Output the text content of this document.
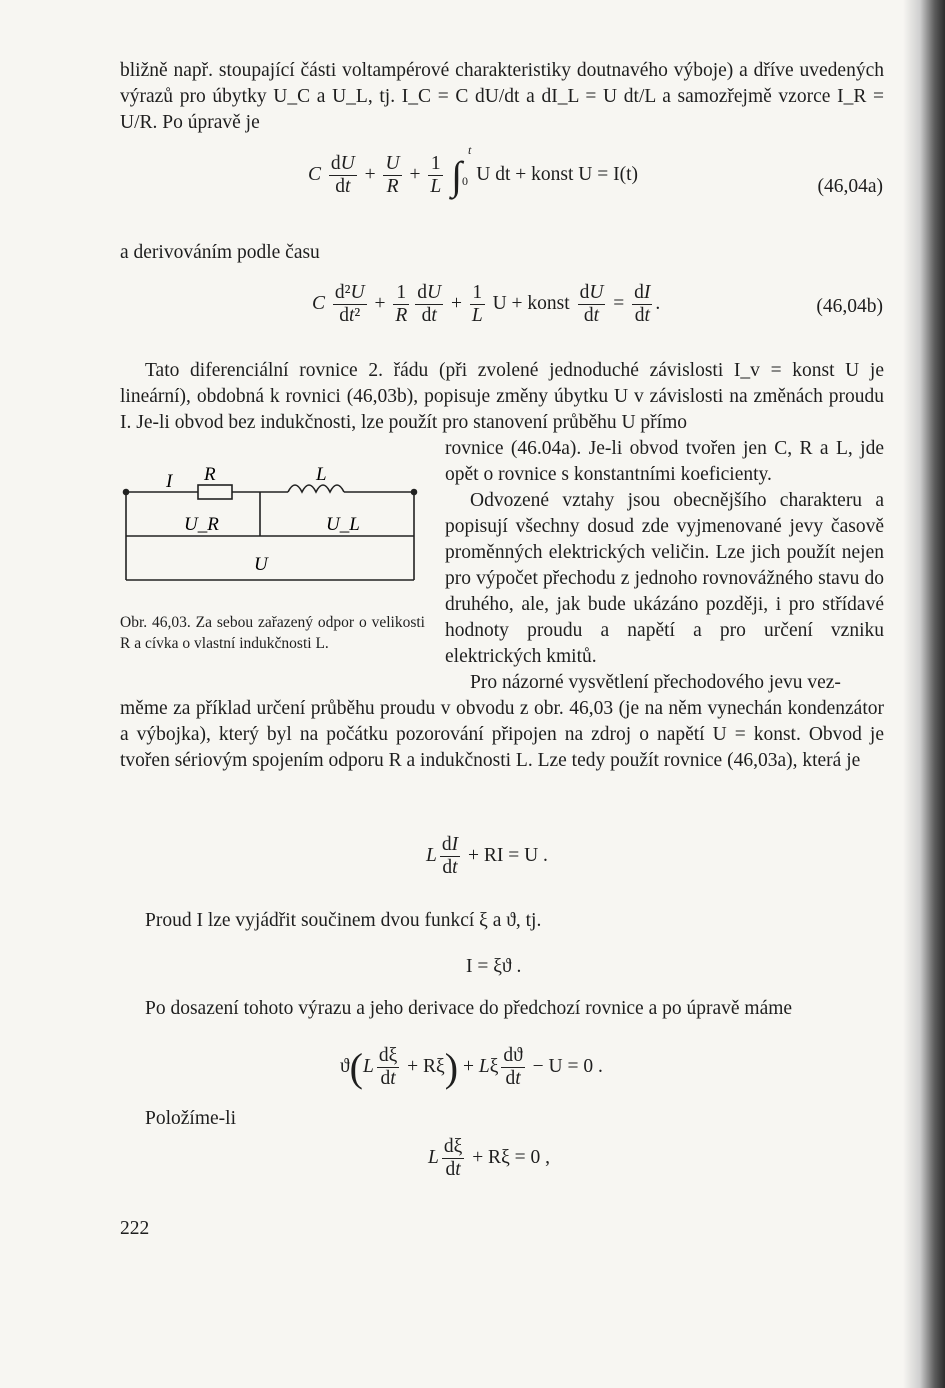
bližně např. stoupající části voltampérové charakteristiky doutnavého výboje) a dříve uvedených výrazů pro úbytky U_C a U_L, tj. I_C = C dU/dt a dI_L = U dt/L a samozřejmě vzorce I_R = U/R. Po úpravě je
C $\frac{dU}{dt} + \frac{U}{R} + \frac{1}{L} \int_0^t$ U dt + konst U = I(t)
(46,04a)
a derivováním podle času
C $\frac{\text{d²U}}{\text{dt²}} + \frac{1}{R} \frac{dU}{dt} + \frac{1}{L}$ U + konst $\frac{dU}{dt} = \frac{dI}{dt}$ .	(46,04b)
Tato diferenciální rovnice 2. řádu (při zvolené jednoduché závislosti I_v = konst U je lineární), obdobná k rovnici (46,03b), popisuje změny úbytku U v závislosti na změnách proudu I. Je-li obvod bez indukčnosti, lze použít pro stanovení průběhu U přímo
rovnice (46.04a). Je-li obvod tvořen jen C, R a L, jde opět o rovnice s konstantními koeficienty.
Odvozené vztahy jsou obecnějšího charakteru a popisují všechny dosud zde vyjmenované jevy časově proměnných elektrických veličin. Lze jich použít nejen pro výpočet přechodu z jednoho rovnovážného stavu do druhého, ale, jak bude ukázáno později, i pro střídavé hodnoty proudu a napětí a pro určení vzniku elektrických kmitů.
Pro názorné vysvětlení přechodového jevu vez-
měme za příklad určení průběhu proudu v obvodu z obr. 46,03 (je na něm vynechán kondenzátor a výbojka), který byl na počátku pozorování připojen na zdroj o napětí U = konst. Obvod je tvořen sériovým spojením odporu R a indukčnosti L. Lze tedy použít rovnice (46,03a), která je
I R	L
U_R	U_L
U
Obr. 46,03. Za sebou zařazený odpor o velikosti R a cívka o vlastní indukčnosti L.
L $\frac{dI}{dt}$ + RI = U .
Proud I lze vyjádřit součinem dvou funkcí ξ a ϑ, tj.
I = ξϑ .
Po dosazení tohoto výrazu a jeho derivace do předchozí rovnice a po úpravě máme
$ϑ(L \frac{d\xi}{dt} + R\xi) + L\xi \frac{dϑ}{dt} - U = 0$ .
Položíme-li
L $\frac{d\xi}{dt} + R\xi = 0$ ,
222
